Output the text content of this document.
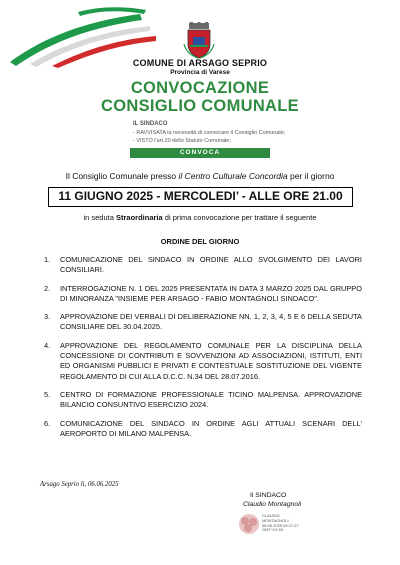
COMUNE DI ARSAGO SEPRIO
Provincia di Varese
CONVOCAZIONE
CONSIGLIO COMUNALE
IL SINDACO
- RAVVISATA la necessità di convocare il Consiglio Comunale;
- VISTO l'art.20 dello Statuto Comunale;
CONVOCA
Il Consiglio Comunale presso il Centro Culturale Concordia per il giorno
11 GIUGNO 2025 - MERCOLEDI’ - ALLE ORE 21.00
in seduta Straordinaria di prima convocazione per trattare il seguente
ORDINE DEL GIORNO
1.	COMUNICAZIONE DEL SINDACO IN ORDINE ALLO SVOLGIMENTO DEI LAVORI CONSILIARI.
2.	INTERROGAZIONE N. 1 DEL 2025 PRESENTATA IN DATA 3 MARZO 2025 DAL GRUPPO DI MINORANZA "INSIEME PER ARSAGO - FABIO MONTAGNOLI SINDACO".
3.	APPROVAZIONE DEI VERBALI DI DELIBERAZIONE NN. 1, 2, 3, 4, 5 E 6 DELLA SEDUTA CONSILIARE DEL 30.04.2025.
4.	APPROVAZIONE DEL REGOLAMENTO COMUNALE PER LA DISCIPLINA DELLA CONCESSIONE DI CONTRIBUTI E SOVVENZIONI AD ASSOCIAZIONI, ISTITUTI, ENTI ED ORGANISMI PUBBLICI E PRIVATI E CONTESTUALE SOSTITUZIONE DEL VIGENTE REGOLAMENTO DI CUI ALLA D.C.C. N.34 DEL 28.07.2016.
5.	CENTRO DI FORMAZIONE PROFESSIONALE TICINO MALPENSA. APPROVAZIONE BILANCIO CONSUNTIVO ESERCIZIO 2024.
6.	COMUNICAZIONE DEL SINDACO IN ORDINE AGLI ATTUALI SCENARI DELL' AEROPORTO DI MILANO MALPENSA.
Arsago Seprio li, 06.06.2025
Il SINDACO
Claudio Montagnoli
CLAUDIO
MONTAGNOLI
06.06.2025 09:17:27
GMT+01:00
